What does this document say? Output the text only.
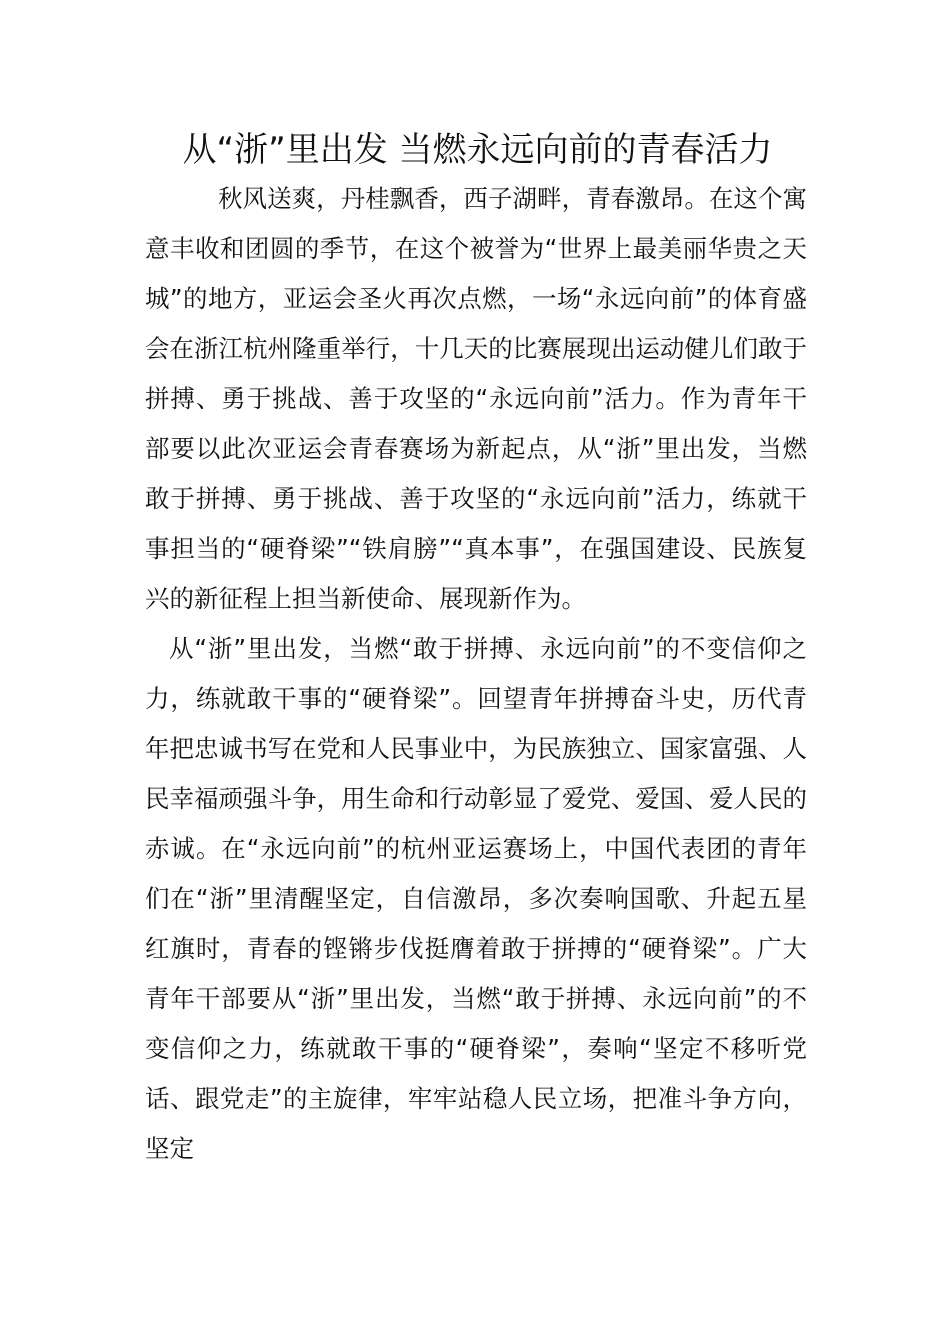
从“浙”里出发 当燃永远向前的青春活力

秋风送爽，丹桂飘香，西子湖畔，青春激昂。在这个寓意丰收和团圆的季节，在这个被誉为“世界上最美丽华贵之天城”的地方，亚运会圣火再次点燃，一场“永远向前”的体育盛会在浙江杭州隆重举行，十几天的比赛展现出运动健儿们敢于拼搏、勇于挑战、善于攻坚的“永远向前”活力。作为青年干部要以此次亚运会青春赛场为新起点，从“浙”里出发，当燃敢于拼搏、勇于挑战、善于攻坚的“永远向前”活力，练就干事担当的“硬脊梁”“铁肩膀”“真本事”，在强国建设、民族复兴的新征程上担当新使命、展现新作为。

从“浙”里出发，当燃“敢于拼搏、永远向前”的不变信仰之力，练就敢干事的“硬脊梁”。回望青年拼搏奋斗史，历代青年把忠诚书写在党和人民事业中，为民族独立、国家富强、人民幸福顽强斗争，用生命和行动彰显了爱党、爱国、爱人民的赤诚。在“永远向前”的杭州亚运赛场上，中国代表团的青年们在“浙”里清醒坚定，自信激昂，多次奏响国歌、升起五星红旗时，青春的铿锵步伐挺膺着敢于拼搏的“硬脊梁”。广大青年干部要从“浙”里出发，当燃“敢于拼搏、永远向前”的不变信仰之力，练就敢干事的“硬脊梁”，奏响“坚定不移听党话、跟党走”的主旋律，牢牢站稳人民立场，把准斗争方向，坚定
